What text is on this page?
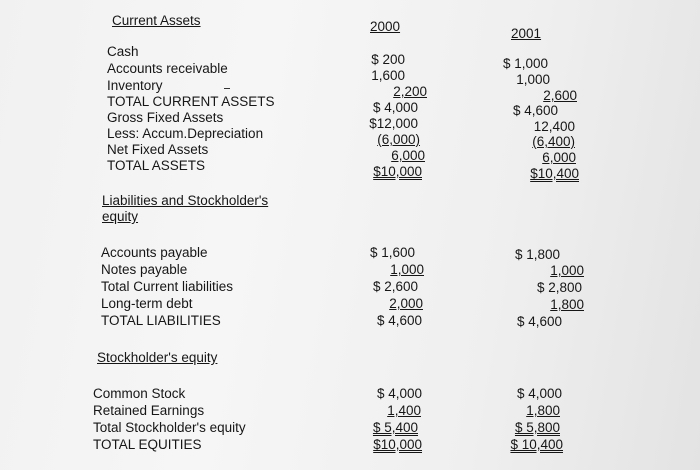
Current Assets	2000	2001
Cash
Accounts receivable
Inventory
TOTAL CURRENT ASSETS
Gross Fixed Assets
Less: Accum.Depreciation
Net Fixed Assets
TOTAL ASSETS
$ 200
1,600
2,200
$ 4,000
$12,000
(6,000)
6,000
$10,000
$ 1,000
1,000
2,600
$ 4,600
12,400
(6,400)
6,000
$10,400
Liabilities and Stockholder's
equity
Accounts payable
Notes payable
Total Current liabilities
Long-term debt
TOTAL LIABILITIES
$ 1,600
1,000
$ 2,600
2,000
$ 4,600
$ 1,800
1,000
$ 2,800
1,800
$ 4,600
Stockholder's equity
Common Stock
Retained Earnings
Total Stockholder's equity
TOTAL EQUITIES
$ 4,000
1,400
$ 5,400
$10,000
$ 4,000
1,800
$ 5,800
$ 10,400
